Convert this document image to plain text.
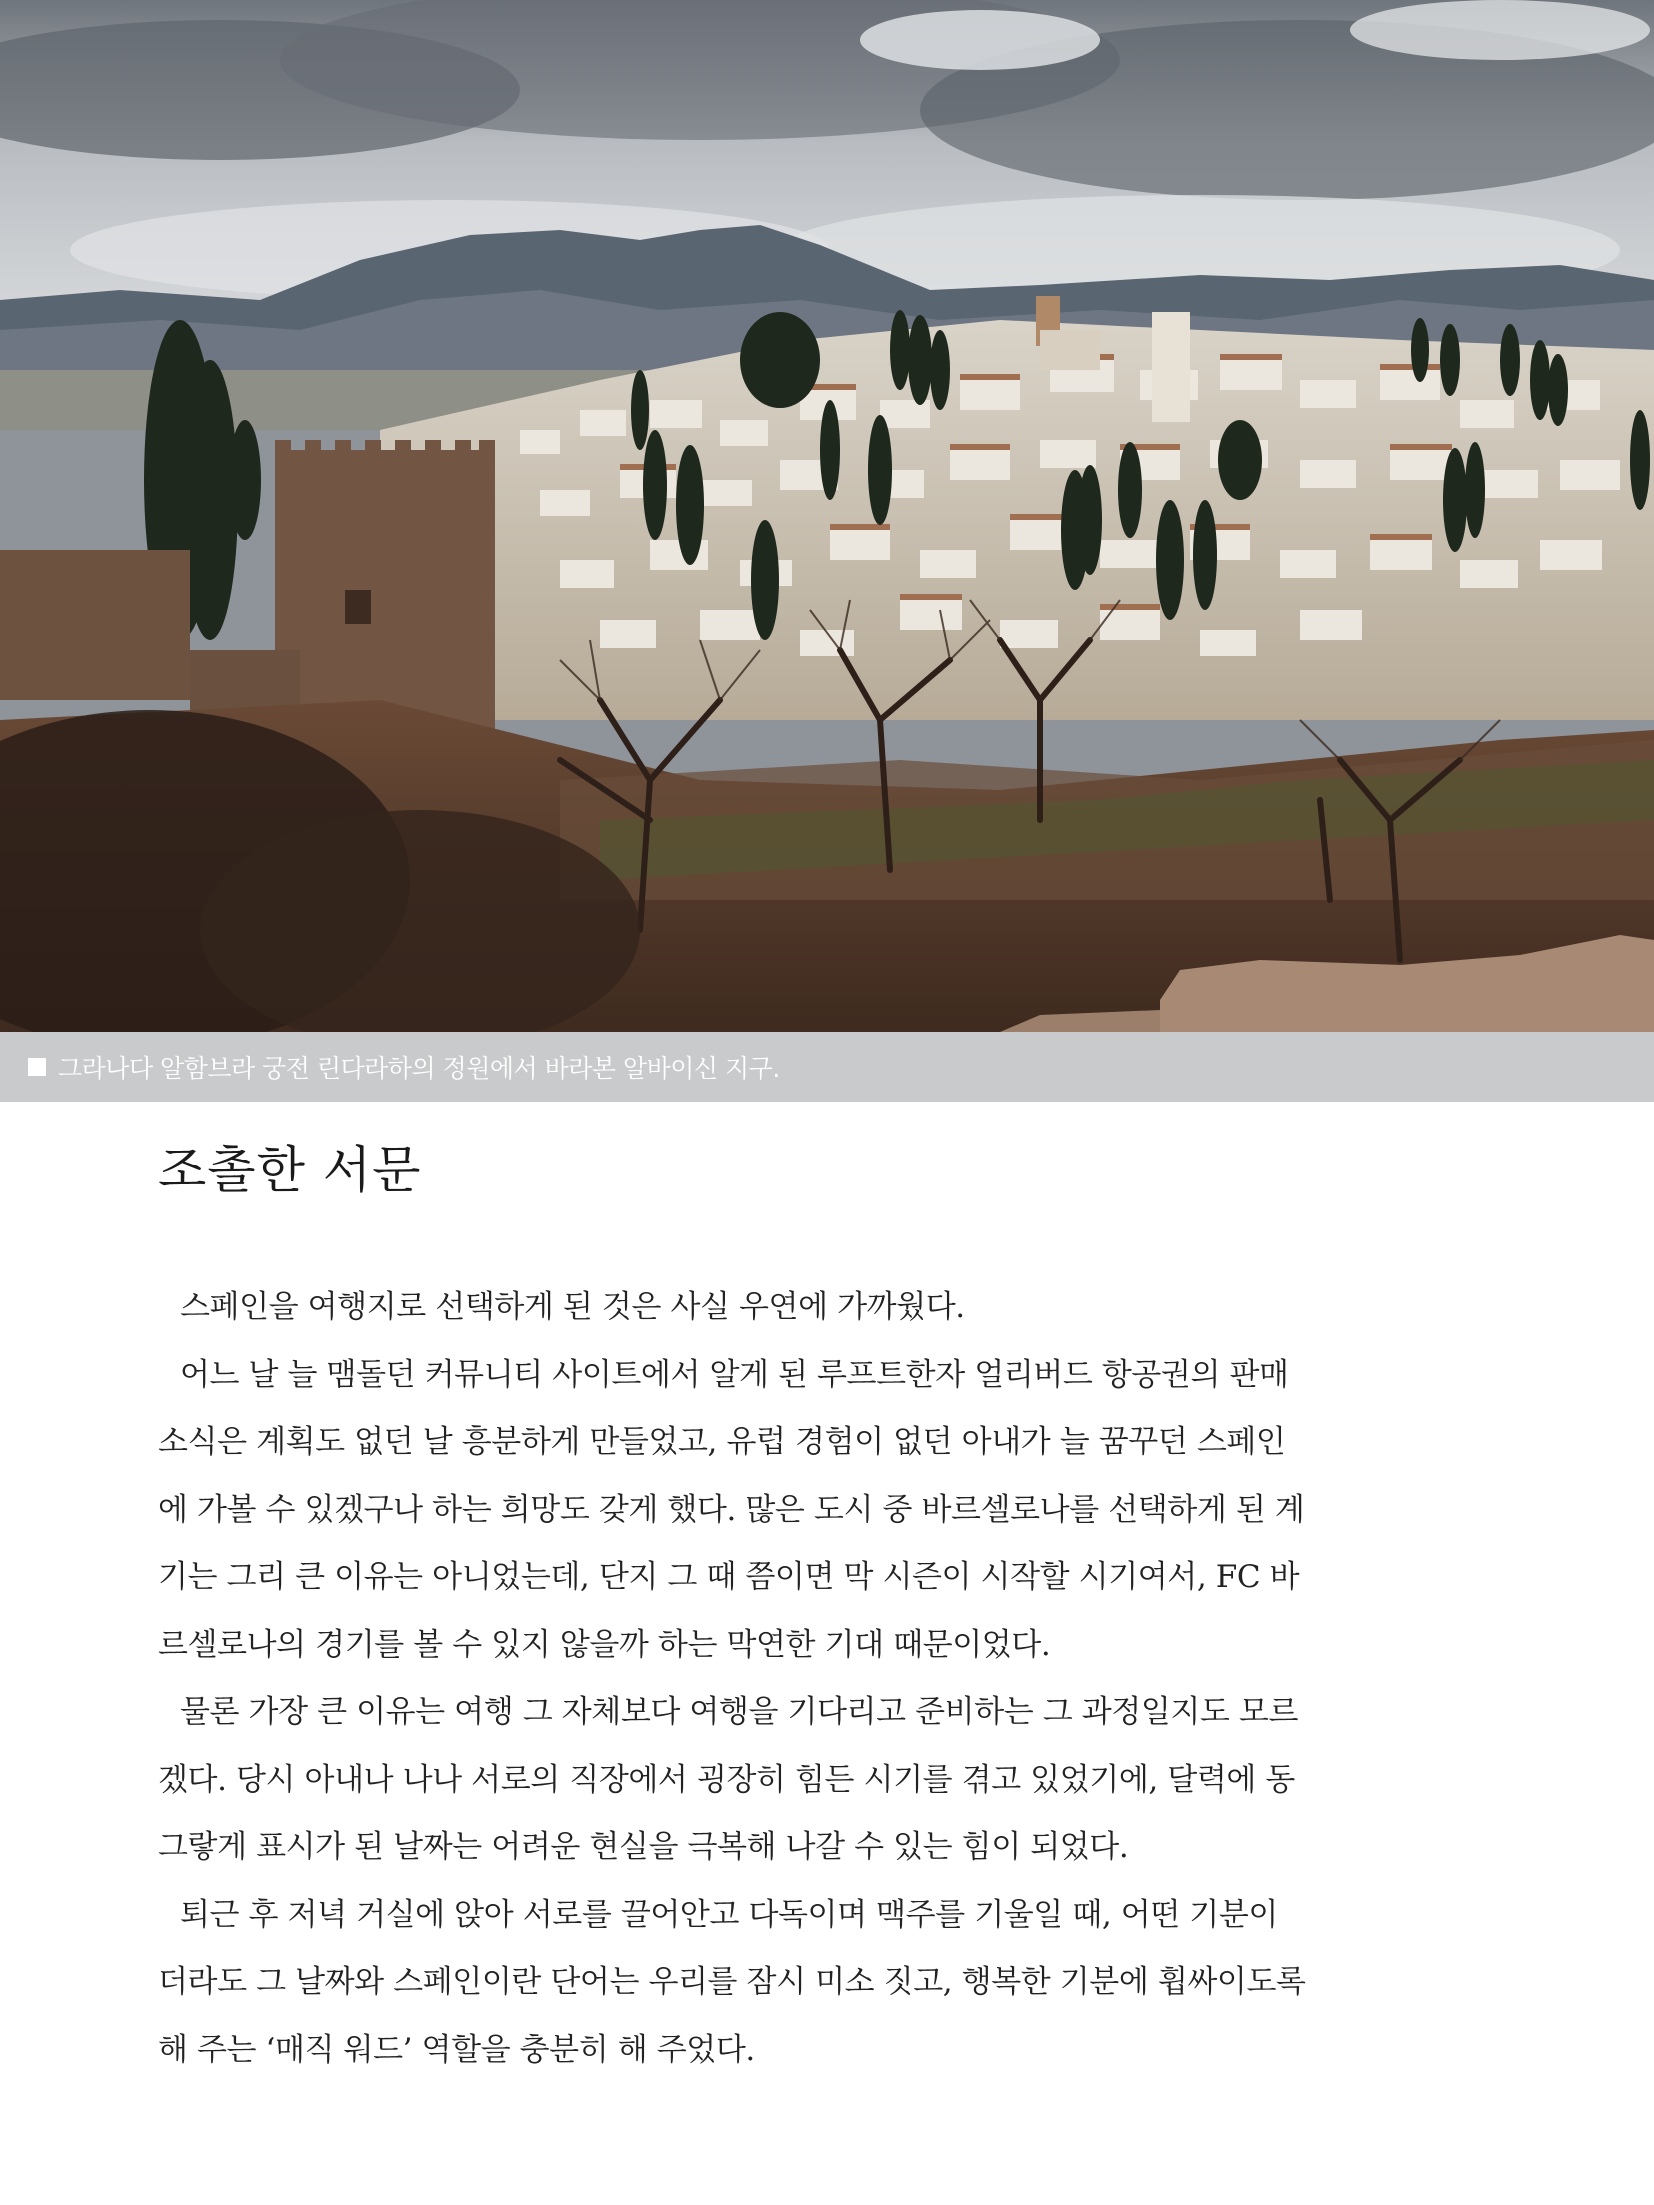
그라나다 알함브라 궁전 린다라하의 정원에서 바라본 알바이신 지구.
조촐한 서문

스페인을 여행지로 선택하게 된 것은 사실 우연에 가까웠다.

어느 날 늘 맴돌던 커뮤니티 사이트에서 알게 된 루프트한자 얼리버드 항공권의 판매
소식은 계획도 없던 날 흥분하게 만들었고, 유럽 경험이 없던 아내가 늘 꿈꾸던 스페인
에 가볼 수 있겠구나 하는 희망도 갖게 했다. 많은 도시 중 바르셀로나를 선택하게 된 계
기는 그리 큰 이유는 아니었는데, 단지 그 때 쯤이면 막 시즌이 시작할 시기여서, FC 바
르셀로나의 경기를 볼 수 있지 않을까 하는 막연한 기대 때문이었다.

물론 가장 큰 이유는 여행 그 자체보다 여행을 기다리고 준비하는 그 과정일지도 모르
겠다. 당시 아내나 나나 서로의 직장에서 굉장히 힘든 시기를 겪고 있었기에, 달력에 동
그랗게 표시가 된 날짜는 어려운 현실을 극복해 나갈 수 있는 힘이 되었다.

퇴근 후 저녁 거실에 앉아 서로를 끌어안고 다독이며 맥주를 기울일 때, 어떤 기분이
더라도 그 날짜와 스페인이란 단어는 우리를 잠시 미소 짓고, 행복한 기분에 휩싸이도록
해 주는 ‘매직 워드’ 역할을 충분히 해 주었다.
